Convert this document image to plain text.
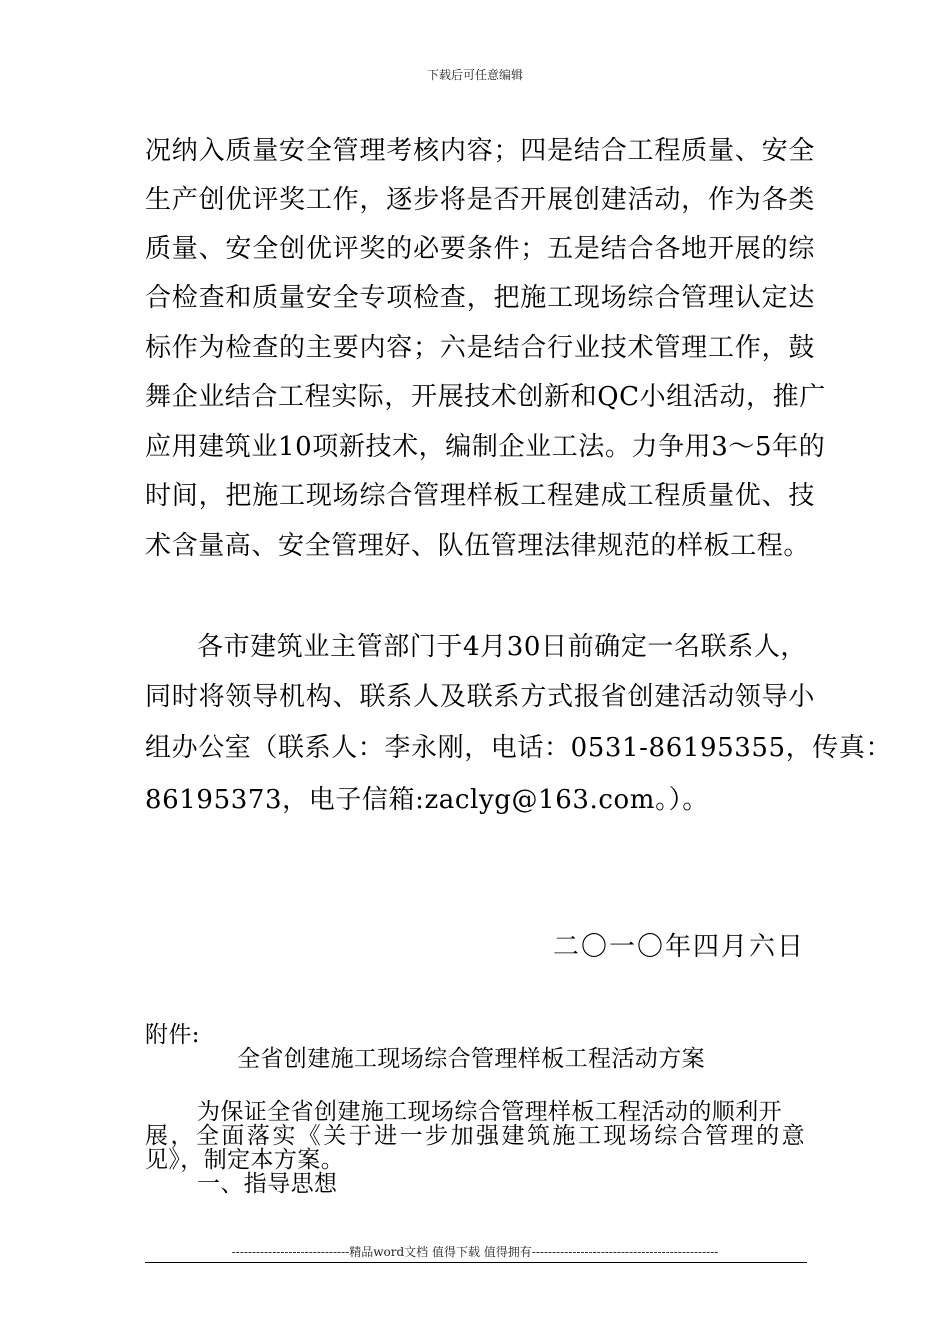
下载后可任意编辑
况纳入质量安全管理考核内容；四是结合工程质量、安全
生产创优评奖工作，逐步将是否开展创建活动，作为各类
质量、安全创优评奖的必要条件；五是结合各地开展的综
合检查和质量安全专项检查，把施工现场综合管理认定达
标作为检查的主要内容；六是结合行业技术管理工作，鼓
舞企业结合工程实际，开展技术创新和QC小组活动，推广
应用建筑业10项新技术，编制企业工法。力争用3～5年的
时间，把施工现场综合管理样板工程建成工程质量优、技
术含量高、安全管理好、队伍管理法律规范的样板工程。
各市建筑业主管部门于4月30日前确定一名联系人，
同时将领导机构、联系人及联系方式报省创建活动领导小
组办公室（联系人：李永刚，电话：0531-86195355，传真：
86195373，电子信箱:zaclyg@163.com。）。
二〇一〇年四月六日
附件:
全省创建施工现场综合管理样板工程活动方案
为保证全省创建施工现场综合管理样板工程活动的顺利开
展，全面落实《关于进一步加强建筑施工现场综合管理的意
见》，制定本方案。
一、指导思想
-----------------------------精品word文档 值得下载 值得拥有----------------------------------------------
